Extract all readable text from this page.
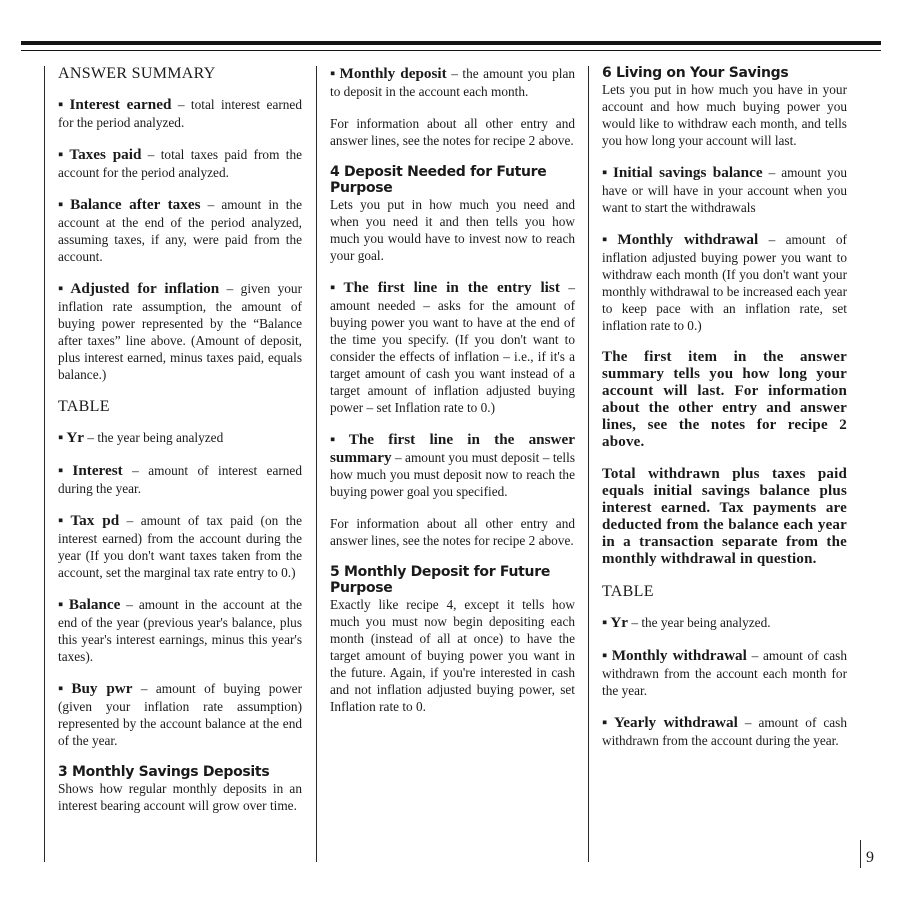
ANSWER SUMMARY

▪ Interest earned – total interest earned for the period analyzed.

▪ Taxes paid – total taxes paid from the account for the period analyzed.

▪ Balance after taxes – amount in the account at the end of the period analyzed, assuming taxes, if any, were paid from the account.

▪ Adjusted for inflation – given your inflation rate assumption, the amount of buying power represented by the “Balance after taxes” line above. (Amount of deposit, plus interest earned, minus taxes paid, equals balance.)

TABLE

▪ Yr – the year being analyzed

▪ Interest – amount of interest earned during the year.

▪ Tax pd – amount of tax paid (on the interest earned) from the account during the year (If you don't want taxes taken from the account, set the marginal tax rate entry to 0.)

▪ Balance – amount in the account at the end of the year (previous year's balance, plus this year's interest earnings, minus this year's taxes).

▪ Buy pwr – amount of buying power (given your inflation rate assumption) represented by the account balance at the end of the year.

3 Monthly Savings Deposits

Shows how regular monthly deposits in an interest bearing account will grow over time.

▪ Monthly deposit – the amount you plan to deposit in the account each month.

For information about all other entry and answer lines, see the notes for recipe 2 above.

4 Deposit Needed for Future Purpose

Lets you put in how much you need and when you need it and then tells you how much you would have to invest now to reach your goal.

▪ The first line in the entry list – amount needed – asks for the amount of buying power you want to have at the end of the time you specify. (If you don't want to consider the effects of inflation – i.e., if it's a target amount of cash you want instead of a target amount of inflation adjusted buying power – set Inflation rate to 0.)

▪ The first line in the answer summary – amount you must deposit – tells how much you must deposit now to reach the buying power goal you specified.

For information about all other entry and answer lines, see the notes for recipe 2 above.

5 Monthly Deposit for Future Purpose

Exactly like recipe 4, except it tells how much you must now begin depositing each month (instead of all at once) to have the target amount of buying power you want in the future. Again, if you're interested in cash and not inflation adjusted buying power, set Inflation rate to 0.

6 Living on Your Savings

Lets you put in how much you have in your account and how much buying power you would like to withdraw each month, and tells you how long your account will last.

▪ Initial savings balance – amount you have or will have in your account when you want to start the withdrawals

▪ Monthly withdrawal – amount of inflation adjusted buying power you want to withdraw each month (If you don't want your monthly withdrawal to be increased each year to keep pace with an inflation rate, set inflation rate to 0.)

The first item in the answer summary tells you how long your account will last. For information about the other entry and answer lines, see the notes for recipe 2 above.

Total withdrawn plus taxes paid equals initial savings balance plus interest earned. Tax payments are deducted from the balance each year in a transaction separate from the monthly withdrawal in question.

TABLE

▪ Yr – the year being analyzed.

▪ Monthly withdrawal – amount of cash withdrawn from the account each month for the year.

▪ Yearly withdrawal – amount of cash withdrawn from the account during the year.

9
